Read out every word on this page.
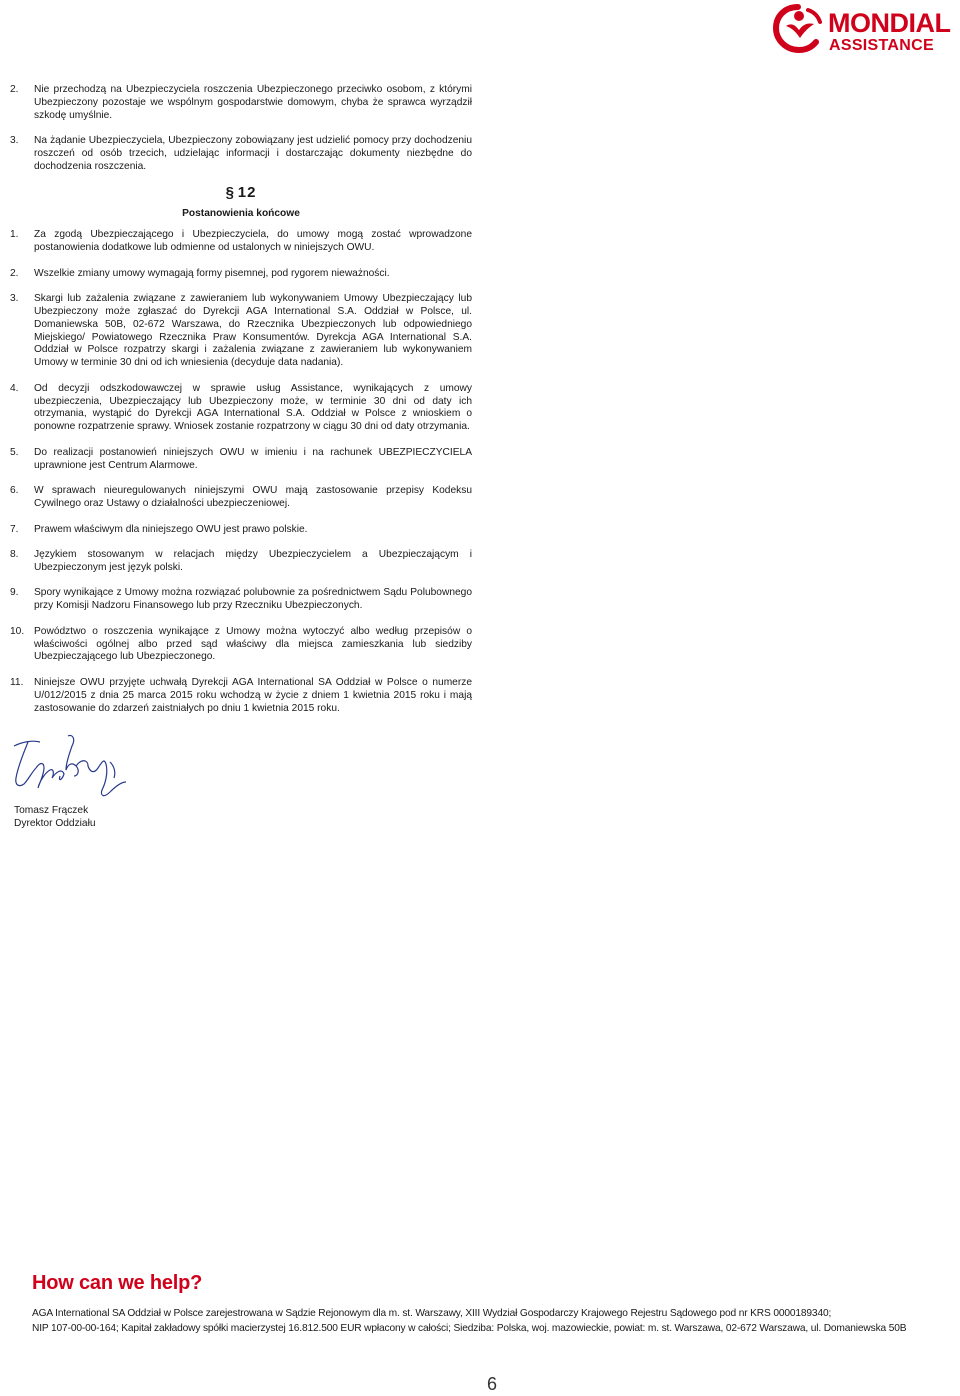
MONDIAL
ASSISTANCE
2.	Nie przechodzą na Ubezpieczyciela roszczenia Ubezpieczonego przeciwko osobom, z którymi Ubezpieczony pozostaje we wspólnym gospodarstwie domowym, chyba że sprawca wyrządził szkodę umyślnie.
3.	Na żądanie Ubezpieczyciela, Ubezpieczony zobowiązany jest udzielić pomocy przy dochodzeniu roszczeń od osób trzecich, udzielając informacji i dostarczając dokumenty niezbędne do dochodzenia roszczenia.
§ 12
Postanowienia końcowe
1.	Za zgodą Ubezpieczającego i Ubezpieczyciela, do umowy mogą zostać wprowadzone postanowienia dodatkowe lub odmienne od ustalonych w niniejszych OWU.
2.	Wszelkie zmiany umowy wymagają formy pisemnej, pod rygorem nieważności.
3.	Skargi lub zażalenia związane z zawieraniem lub wykonywaniem Umowy Ubezpieczający lub Ubezpieczony może zgłaszać do Dyrekcji AGA International S.A. Oddział w Polsce, ul. Domaniewska 50B, 02-672 Warszawa, do Rzecznika Ubezpieczonych lub odpowiedniego Miejskiego/ Powiatowego Rzecznika Praw Konsumentów. Dyrekcja AGA International S.A. Oddział w Polsce rozpatrzy skargi i zażalenia związane z zawieraniem lub wykonywaniem Umowy w terminie 30 dni od ich wniesienia (decyduje data nadania).
4.	Od decyzji odszkodowawczej w sprawie usług Assistance, wynikających z umowy ubezpieczenia, Ubezpieczający lub Ubezpieczony może, w terminie 30 dni od daty ich otrzymania, wystąpić do Dyrekcji AGA International S.A. Oddział w Polsce z wnioskiem o ponowne rozpatrzenie sprawy. Wniosek zostanie rozpatrzony w ciągu 30 dni od daty otrzymania.
5.	Do realizacji postanowień niniejszych OWU w imieniu i na rachunek UBEZPIECZYCIELA uprawnione jest Centrum Alarmowe.
6.	W sprawach nieuregulowanych niniejszymi OWU mają zastosowanie przepisy Kodeksu Cywilnego oraz Ustawy o działalności ubezpieczeniowej.
7.	Prawem właściwym dla niniejszego OWU jest prawo polskie.
8.	Językiem stosowanym w relacjach między Ubezpieczycielem a Ubezpieczającym i Ubezpieczonym jest język polski.
9.	Spory wynikające z Umowy można rozwiązać polubownie za pośrednictwem Sądu Polubownego przy Komisji Nadzoru Finansowego lub przy Rzeczniku Ubezpieczonych.
10. Powództwo o roszczenia wynikające z Umowy można wytoczyć albo według przepisów o właściwości ogólnej albo przed sąd właściwy dla miejsca zamieszkania lub siedziby Ubezpieczającego lub Ubezpieczonego.
11.	Niniejsze OWU przyjęte uchwałą Dyrekcji AGA International SA Oddział w Polsce o numerze U/012/2015 z dnia 25 marca 2015 roku wchodzą w życie z dniem 1 kwietnia 2015 roku i mają zastosowanie do zdarzeń zaistniałych po dniu 1 kwietnia 2015 roku.
Tomasz Frączek
Dyrektor Oddziału
How can we help?
AGA International SA Oddział w Polsce zarejestrowana w Sądzie Rejonowym dla m. st. Warszawy, XIII Wydział Gospodarczy Krajowego Rejestru Sądowego pod nr KRS 0000189340;
NIP 107-00-00-164; Kapitał zakładowy spółki macierzystej 16.812.500 EUR wpłacony w całości; Siedziba: Polska, woj. mazowieckie, powiat: m. st. Warszawa, 02-672 Warszawa, ul. Domaniewska 50B
6
